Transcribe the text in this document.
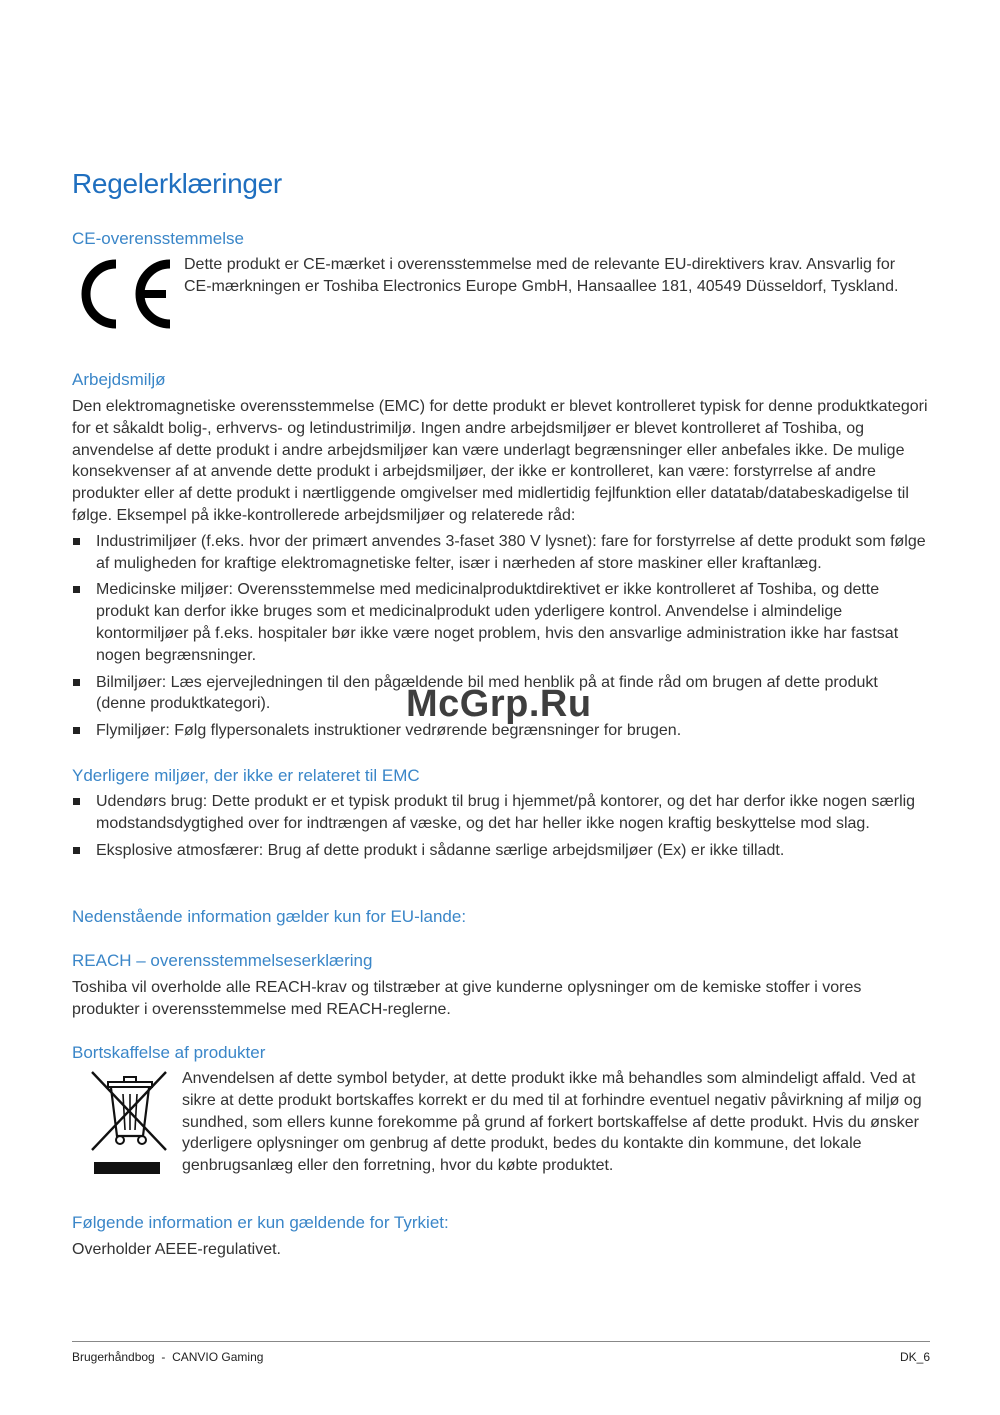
Regelerklæringer
CE-overensstemmelse

Dette produkt er CE-mærket i overensstemmelse med de relevante EU-direktivers krav. Ansvarlig for CE-mærkningen er Toshiba Electronics Europe GmbH, Hansaallee 181, 40549 Düsseldorf, Tyskland.

Arbejdsmiljø

Den elektromagnetiske overensstemmelse (EMC) for dette produkt er blevet kontrolleret typisk for denne produktkategori for et såkaldt bolig-, erhvervs- og letindustrimiljø. Ingen andre arbejdsmiljøer er blevet kontrolleret af Toshiba, og anvendelse af dette produkt i andre arbejdsmiljøer kan være underlagt begrænsninger eller anbefales ikke. De mulige konsekvenser af at anvende dette produkt i arbejdsmiljøer, der ikke er kontrolleret, kan være: forstyrrelse af andre produkter eller af dette produkt i nærtliggende omgivelser med midlertidig fejlfunktion eller datatab/databeskadigelse til følge. Eksempel på ikke-kontrollerede arbejdsmiljøer og relaterede råd:

Industrimiljøer (f.eks. hvor der primært anvendes 3-faset 380 V lysnet): fare for forstyrrelse af dette produkt som følge af muligheden for kraftige elektromagnetiske felter, især i nærheden af store maskiner eller kraftanlæg.
Medicinske miljøer: Overensstemmelse med medicinalproduktdirektivet er ikke kontrolleret af Toshiba, og dette produkt kan derfor ikke bruges som et medicinalprodukt uden yderligere kontrol. Anvendelse i almindelige kontormiljøer på f.eks. hospitaler bør ikke være noget problem, hvis den ansvarlige administration ikke har fastsat nogen begrænsninger.
Bilmiljøer: Læs ejervejledningen til den pågældende bil med henblik på at finde råd om brugen af dette produkt (denne produktkategori).
Flymiljøer: Følg flypersonalets instruktioner vedrørende begrænsninger for brugen.
Yderligere miljøer, der ikke er relateret til EMC
Udendørs brug: Dette produkt er et typisk produkt til brug i hjemmet/på kontorer, og det har derfor ikke nogen særlig modstandsdygtighed over for indtrængen af væske, og det har heller ikke nogen kraftig beskyttelse mod slag.
Eksplosive atmosfærer: Brug af dette produkt i sådanne særlige arbejdsmiljøer (Ex) er ikke tilladt.
Nedenstående information gælder kun for EU-lande:
REACH – overensstemmelseserklæring

Toshiba vil overholde alle REACH-krav og tilstræber at give kunderne oplysninger om de kemiske stoffer i vores produkter i overensstemmelse med REACH-reglerne.

Bortskaffelse af produkter

Anvendelsen af dette symbol betyder, at dette produkt ikke må behandles som almindeligt affald. Ved at sikre at dette produkt bortskaffes korrekt er du med til at forhindre eventuel negativ påvirkning af miljø og sundhed, som ellers kunne forekomme på grund af forkert bortskaffelse af dette produkt. Hvis du ønsker yderligere oplysninger om genbrug af dette produkt, bedes du kontakte din kommune, det lokale genbrugsanlæg eller den forretning, hvor du købte produktet.

Følgende information er kun gældende for Tyrkiet:

Overholder AEEE-regulativet.

McGrp.Ru
Brugerhåndbog  -  CANVIO Gaming	DK_6
